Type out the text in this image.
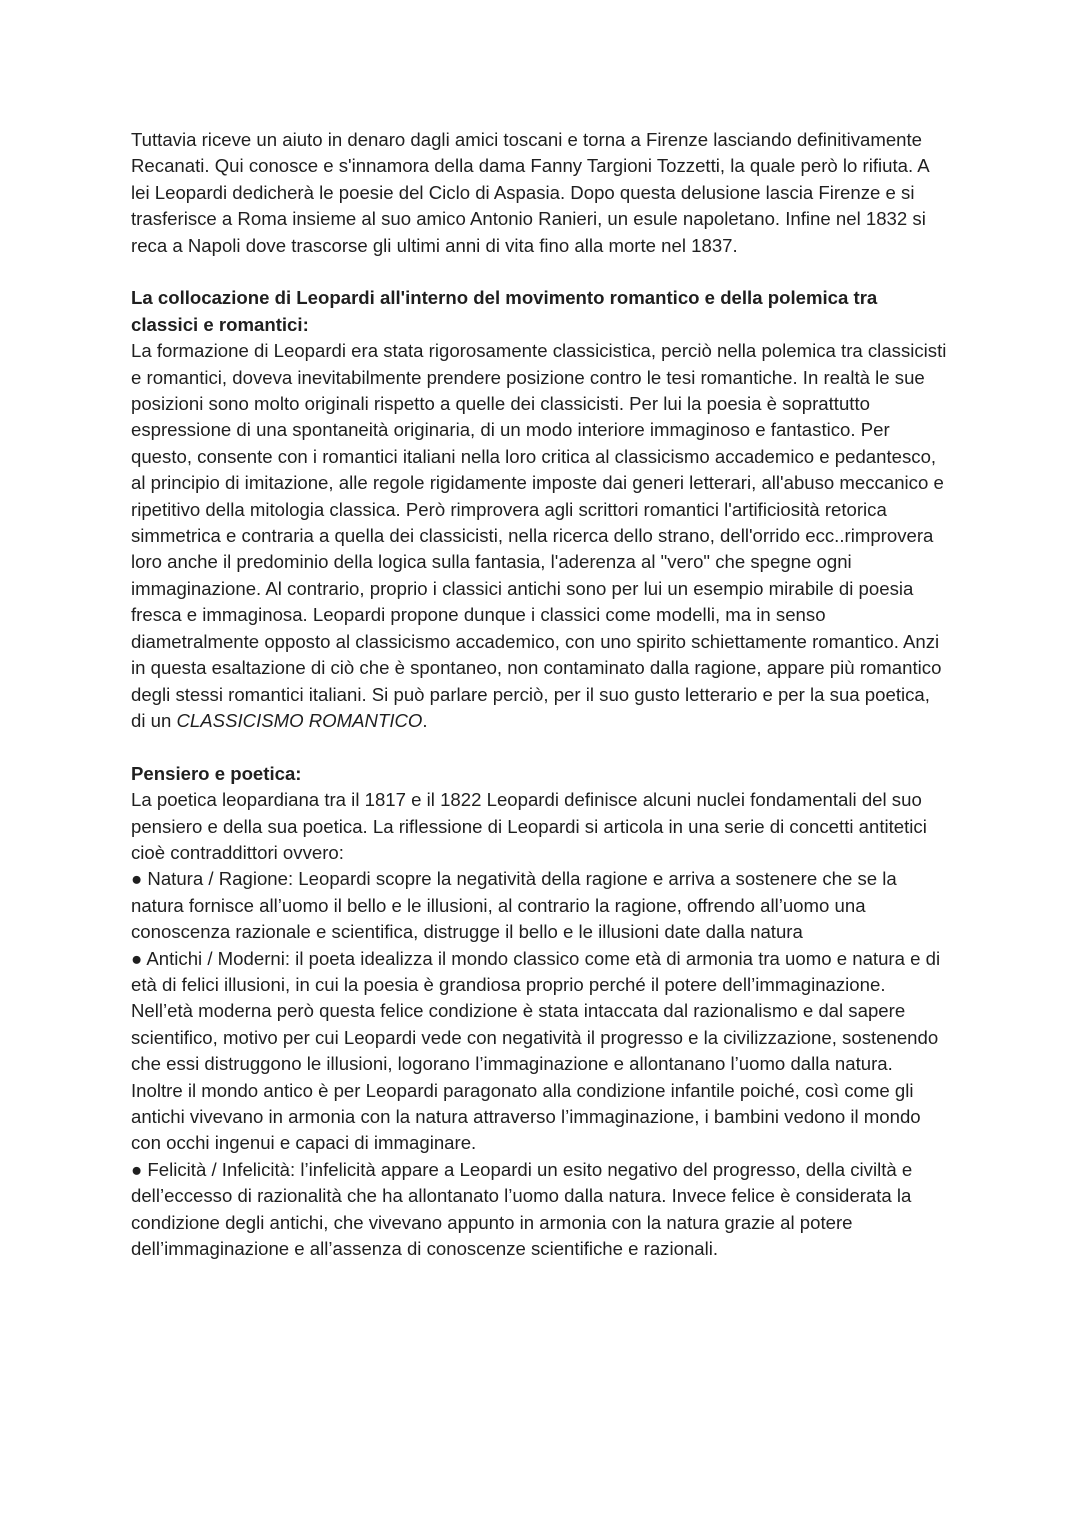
Tuttavia riceve un aiuto in denaro dagli amici toscani e torna a Firenze lasciando definitivamente Recanati. Qui conosce e s'innamora della dama Fanny Targioni Tozzetti, la quale però lo rifiuta. A lei Leopardi dedicherà le poesie del Ciclo di Aspasia. Dopo questa delusione lascia Firenze e si trasferisce a Roma insieme al suo amico Antonio Ranieri, un esule napoletano. Infine nel 1832 si reca a Napoli dove trascorse gli ultimi anni di vita fino alla morte nel 1837.

La collocazione di Leopardi all'interno del movimento romantico e della polemica tra classici e romantici:

La formazione di Leopardi era stata rigorosamente classicistica, perciò nella polemica tra classicisti e romantici, doveva inevitabilmente prendere posizione contro le tesi romantiche. In realtà le sue posizioni sono molto originali rispetto a quelle dei classicisti. Per lui la poesia è soprattutto espressione di una spontaneità originaria, di un modo interiore immaginoso e fantastico. Per questo, consente con i romantici italiani nella loro critica al classicismo accademico e pedantesco, al principio di imitazione, alle regole rigidamente imposte dai generi letterari, all'abuso meccanico e ripetitivo della mitologia classica. Però rimprovera agli scrittori romantici l'artificiosità retorica simmetrica e contraria a quella dei classicisti, nella ricerca dello strano, dell'orrido ecc..rimprovera loro anche il predominio della logica sulla fantasia, l'aderenza al "vero" che spegne ogni immaginazione. Al contrario, proprio i classici antichi sono per lui un esempio mirabile di poesia fresca e immaginosa. Leopardi propone dunque i classici come modelli, ma in senso diametralmente opposto al classicismo accademico, con uno spirito schiettamente romantico. Anzi in questa esaltazione di ciò che è spontaneo, non contaminato dalla ragione, appare più romantico degli stessi romantici italiani. Si può parlare perciò, per il suo gusto letterario e per la sua poetica, di un CLASSICISMO ROMANTICO.

Pensiero e poetica:

La poetica leopardiana tra il 1817 e il 1822 Leopardi definisce alcuni nuclei fondamentali del suo pensiero e della sua poetica. La riflessione di Leopardi si articola in una serie di concetti antitetici cioè contraddittori ovvero:

● Natura / Ragione: Leopardi scopre la negatività della ragione e arriva a sostenere che se la natura fornisce all’uomo il bello e le illusioni, al contrario la ragione, offrendo all’uomo una conoscenza razionale e scientifica, distrugge il bello e le illusioni date dalla natura

● Antichi / Moderni: il poeta idealizza il mondo classico come età di armonia tra uomo e natura e di età di felici illusioni, in cui la poesia è grandiosa proprio perché il potere dell’immaginazione. Nell’età moderna però questa felice condizione è stata intaccata dal razionalismo e dal sapere scientifico, motivo per cui Leopardi vede con negatività il progresso e la civilizzazione, sostenendo che essi distruggono le illusioni, logorano l’immaginazione e allontanano l’uomo dalla natura. Inoltre il mondo antico è per Leopardi paragonato alla condizione infantile poiché, così come gli antichi vivevano in armonia con la natura attraverso l’immaginazione, i bambini vedono il mondo con occhi ingenui e capaci di immaginare.

● Felicità / Infelicità: l’infelicità appare a Leopardi un esito negativo del progresso, della civiltà e dell’eccesso di razionalità che ha allontanato l’uomo dalla natura. Invece felice è considerata la condizione degli antichi, che vivevano appunto in armonia con la natura grazie al potere dell’immaginazione e all’assenza di conoscenze scientifiche e razionali.
